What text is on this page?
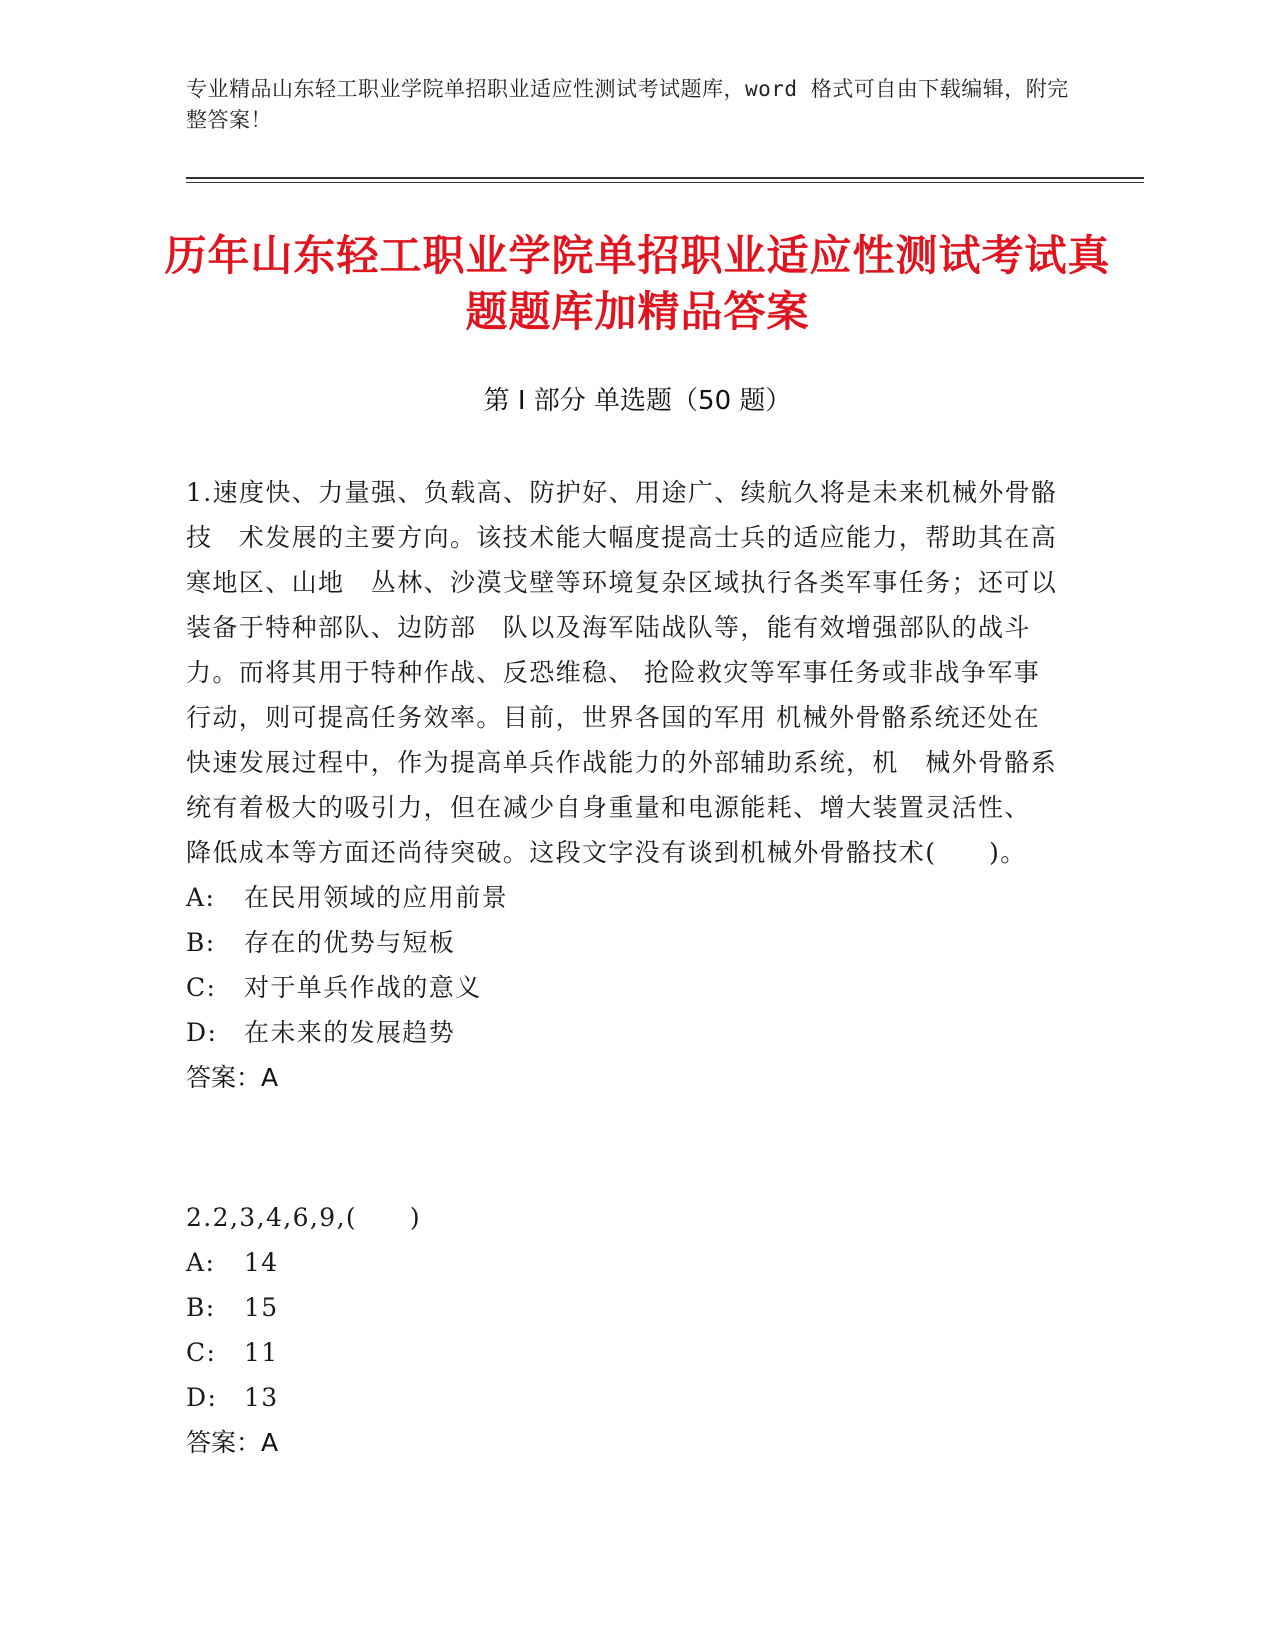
专业精品山东轻工职业学院单招职业适应性测试考试题库，word 格式可自由下载编辑，附完整答案！
历年山东轻工职业学院单招职业适应性测试考试真题题库加精品答案
第 I 部分 单选题（50 题）

1.速度快、力量强、负载高、防护好、用途广、续航久将是未来机械外骨骼技　术发展的主要方向。该技术能大幅度提高士兵的适应能力，帮助其在高寒地区、山地　丛林、沙漠戈壁等环境复杂区域执行各类军事任务；还可以装备于特种部队、边防部　队以及海军陆战队等，能有效增强部队的战斗力。而将其用于特种作战、反恐维稳、 抢险救灾等军事任务或非战争军事行动，则可提高任务效率。目前，世界各国的军用 机械外骨骼系统还处在快速发展过程中，作为提高单兵作战能力的外部辅助系统，机　械外骨骼系统有着极大的吸引力，但在减少自身重量和电源能耗、增大装置灵活性、 降低成本等方面还尚待突破。这段文字没有谈到机械外骨骼技术(　　)。

A:	在民用领域的应用前景

B:	存在的优势与短板

C:	对于单兵作战的意义

D:	在未来的发展趋势

答案：A

2.2,3,4,6,9,(　　)

A:	14

B:	15

C:	11

D:	13

答案：A
